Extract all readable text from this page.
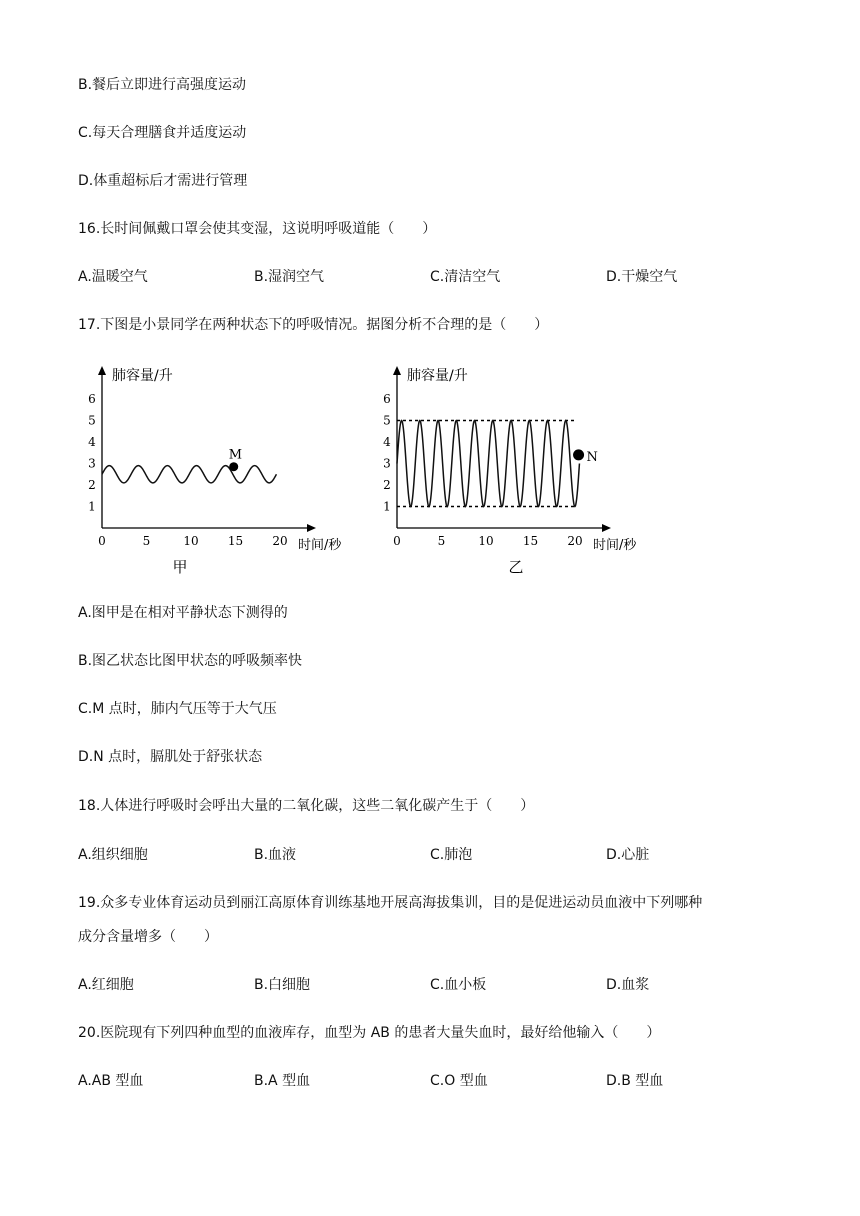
B.餐后立即进行高强度运动
C.每天合理膳食并适度运动
D.体重超标后才需进行管理
16.长时间佩戴口罩会使其变湿，这说明呼吸道能（　　）
A.温暖空气	B.湿润空气	C.清洁空气	D.干燥空气
17.下图是小景同学在两种状态下的呼吸情况。据图分析不合理的是（　　）
肺容量/升
时间/秒
1
2
3
4
5
6
0	5	10 15 20
M
甲
肺容量/升
时间/秒
1
2
3
4
5
6
0	5	10 15 20
N
乙
A.图甲是在相对平静状态下测得的
B.图乙状态比图甲状态的呼吸频率快
C.M 点时，肺内气压等于大气压
D.N 点时，膈肌处于舒张状态
18.人体进行呼吸时会呼出大量的二氧化碳，这些二氧化碳产生于（　　）
A.组织细胞	B.血液	C.肺泡	D.心脏
19.众多专业体育运动员到丽江高原体育训练基地开展高海拔集训，目的是促进运动员血液中下列哪种
成分含量增多（　　）
A.红细胞	B.白细胞	C.血小板	D.血浆
20.医院现有下列四种血型的血液库存，血型为 AB 的患者大量失血时，最好给他输入（　　）
A.AB 型血	B.A 型血	C.O 型血	D.B 型血
